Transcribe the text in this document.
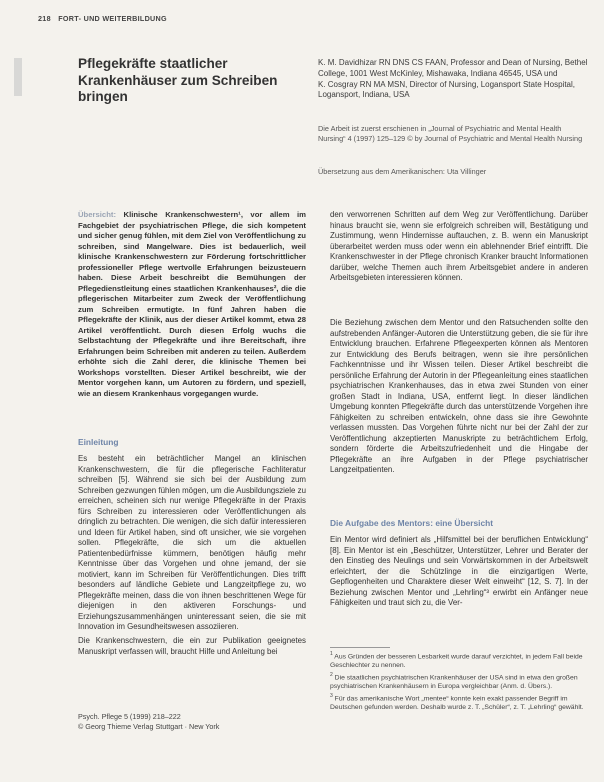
218 FORT- UND WEITERBILDUNG
Pflegekräfte staatlicher Krankenhäuser zum Schreiben bringen

K. M. Davidhizar RN DNS CS FAAN, Professor and Dean of Nursing, Bethel College, 1001 West McKinley, Mishawaka, Indiana 46545, USA und

K. Cosgray RN MA MSN, Director of Nursing, Logansport State Hospital, Logansport, Indiana, USA

Die Arbeit ist zuerst erschienen in „Journal of Psychiatric and Mental Health Nursing“ 4 (1997) 125–129 © by Journal of Psychiatric and Mental Health Nursing

Übersetzung aus dem Amerikanischen: Uta Villinger

Übersicht: Klinische Krankenschwestern¹, vor allem im Fachgebiet der psychiatrischen Pflege, die sich kompetent und sicher genug fühlen, mit dem Ziel von Veröffentlichung zu schreiben, sind Mangelware. Dies ist bedauerlich, weil klinische Krankenschwestern zur Förderung fortschrittlicher professioneller Pflege wertvolle Erfahrungen beizusteuern haben. Diese Arbeit beschreibt die Bemühungen der Pflegedienstleitung eines staatlichen Krankenhauses², die die pflegerischen Mitarbeiter zum Zweck der Veröffentlichung zum Schreiben ermutigte. In fünf Jahren haben die Pflegekräfte der Klinik, aus der dieser Artikel kommt, etwa 28 Artikel veröffentlicht. Durch diesen Erfolg wuchs die Selbstachtung der Pflegekräfte und ihre Bereitschaft, ihre Erfahrungen beim Schreiben mit anderen zu teilen. Außerdem erhöhte sich die Zahl derer, die klinische Themen bei Workshops vorstellten. Dieser Artikel beschreibt, wie der Mentor vorgehen kann, um Autoren zu fördern, und speziell, wie an diesem Krankenhaus vorgegangen wurde.

Einleitung

Es besteht ein beträchtlicher Mangel an klinischen Krankenschwestern, die für die pflegerische Fachliteratur schreiben [5]. Während sie sich bei der Ausbildung zum Schreiben gezwungen fühlen mögen, um die Ausbildungsziele zu erreichen, scheinen sich nur wenige Pflegekräfte in der Praxis fürs Schreiben zu interessieren oder Veröffentlichungen als dringlich zu betrachten. Die wenigen, die sich dafür interessieren und Ideen für Artikel haben, sind oft unsicher, wie sie vorgehen sollen. Pflegekräfte, die sich um die aktuellen Patientenbedürfnisse kümmern, benötigen häufig mehr Kenntnisse über das Vorgehen und ohne jemand, der sie motiviert, kann im Schreiben für Veröffentlichungen. Dies trifft besonders auf ländliche Gebiete und Langzeitpflege zu, wo Pflegekräfte meinen, dass die von ihnen beschrittenen Wege für diejenigen in den aktiveren Forschungs- und Erziehungszusammenhängen uninteressant seien, die sie mit Innovation im Gesundheitswesen assoziieren.

Die Krankenschwestern, die ein zur Publikation geeignetes Manuskript verfassen will, braucht Hilfe und Anleitung bei

den verworrenen Schritten auf dem Weg zur Veröffentlichung. Darüber hinaus braucht sie, wenn sie erfolgreich schreiben will, Bestätigung und Zustimmung, wenn Hindernisse auftauchen, z. B. wenn ein Manuskript überarbeitet werden muss oder wenn ein ablehnender Brief eintrifft. Die Krankenschwester in der Pflege chronisch Kranker braucht Informationen darüber, welche Themen auch ihrem Arbeitsgebiet andere in anderen Arbeitsgebieten interessieren können.

Die Beziehung zwischen dem Mentor und den Ratsuchenden sollte den aufstrebenden Anfänger-Autoren die Unterstützung geben, die sie für ihre Entwicklung brauchen. Erfahrene Pflegeexperten können als Mentoren zur Entwicklung des Berufs beitragen, wenn sie ihre persönlichen Fachkenntnisse und ihr Wissen teilen. Dieser Artikel beschreibt die persönliche Erfahrung der Autorin in der Pflegeanleitung eines staatlichen psychiatrischen Krankenhauses, das in etwa zwei Stunden von einer großen Stadt in Indiana, USA, entfernt liegt. In dieser ländlichen Umgebung konnten Pflegekräfte durch das unterstützende Vorgehen ihre Fähigkeiten zu schreiben entwickeln, ohne dass sie ihre Gewohnte verlassen mussten. Das Vorgehen führte nicht nur bei der Zahl der zur Veröffentlichung akzeptierten Manuskripte zu beträchtlichem Erfolg, sondern förderte die Arbeitszufriedenheit und die Hingabe der Pflegekräfte an ihre Aufgaben in der Pflege psychiatrischer Langzeitpatienten.

Die Aufgabe des Mentors: eine Übersicht

Ein Mentor wird definiert als „Hilfsmittel bei der beruflichen Entwicklung“ [8]. Ein Mentor ist ein „Beschützer, Unterstützer, Lehrer und Berater der den Einstieg des Neulings und sein Vorwärtskommen in der Arbeitswelt erleichtert, der die Schützlinge in die einzigartigen Werte, Gepflogenheiten und Charaktere dieser Welt einweiht“ [12, S. 7]. In der Beziehung zwischen Mentor und „Lehrling“³ erwirbt ein Anfänger neue Fähigkeiten und traut sich zu, die Ver-

$^1$ Aus Gründen der besseren Lesbarkeit wurde darauf verzichtet, in jedem Fall beide Geschlechter zu nennen.

$^2$ Die staatlichen psychiatrischen Krankenhäuser der USA sind in etwa den großen psychiatrischen Krankenhäusern in Europa vergleichbar (Anm. d. Übers.).

$^3$ Für das amerikanische Wort „mentee“ konnte kein exakt passender Begriff im Deutschen gefunden werden. Deshalb wurde z. T. „Schüler“, z. T. „Lehrling“ gewählt.

Psych. Pflege 5 (1999) 218–222

© Georg Thieme Verlag Stuttgart · New York
